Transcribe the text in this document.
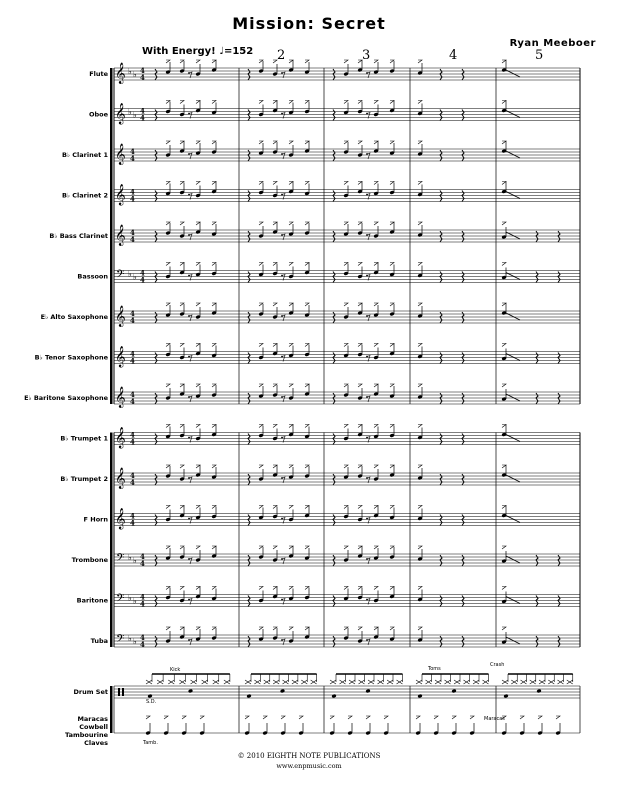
Mission: Secret
Ryan Meeboer
With Energy! ♩=152 2	3	4	5
Flute 𝄞 ♭ ♭ 4
4
Oboe 𝄞 ♭ ♭ 4
4
B♭ Clarinet 1 𝄞 4
4
B♭ Clarinet 2 𝄞 4
4
B♭ Bass Clarinet 𝄞 4
4
Bassoon 𝄢 ♭ ♭ 4
4
E♭ Alto Saxophone 𝄞 4
4
B♭ Tenor Saxophone 𝄞 4
4
E♭ Baritone Saxophone 𝄞 4
4
B♭ Trumpet 1 𝄞 4
4
B♭ Trumpet 2 𝄞 4
4
F Horn 𝄞 4
4
Trombone 𝄢 ♭ ♭ 4
4
Baritone 𝄢 ♭ ♭ 4
4
Tuba 𝄢 ♭ ♭ 4
4
Drum Set
Kick
S.D.
Toms
Crash
Maracas
Cowbell
Tambourine
Claves	Tamb.
Maracas
© 2010 EIGHTH NOTE PUBLICATIONS
www.enpmusic.com
